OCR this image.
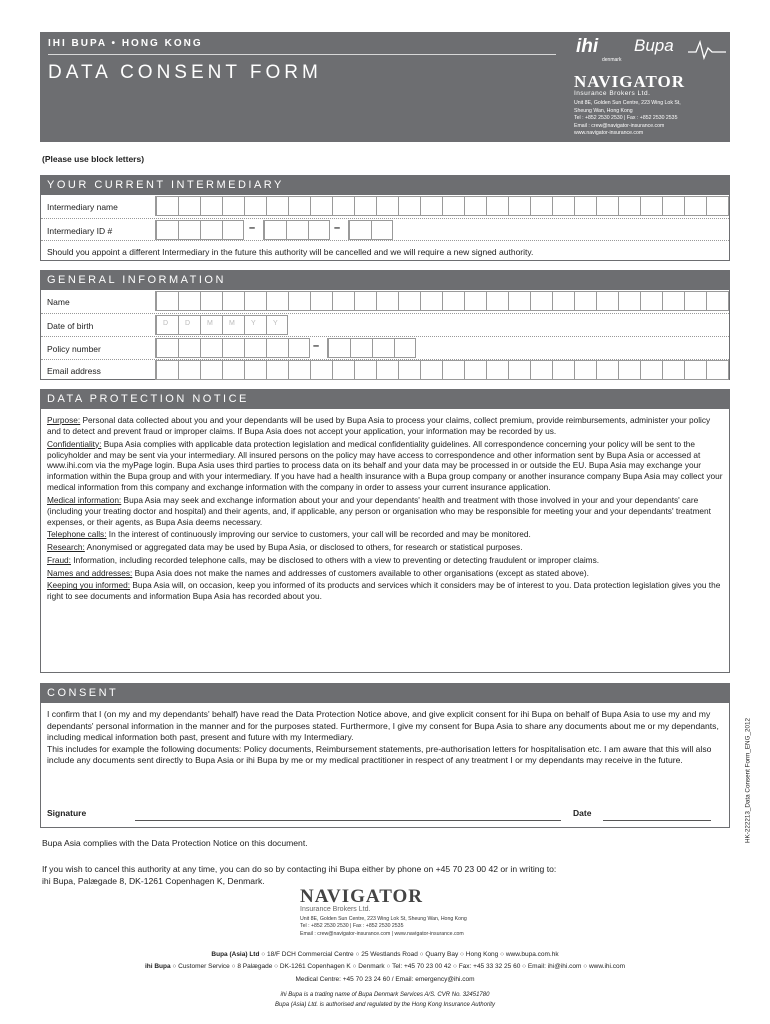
IHI BUPA • HONG KONG
DATA CONSENT FORM
ihi
denmark
Bupa
NAVIGATOR
Insurance Brokers Ltd.
Unit 8E, Golden Sun Centre, 223 Wing Lok St,
Sheung Wan, Hong Kong
Tel : +852 2530 2530 | Fax : +852 2530 2535
Email : crew@navigator-insurance.com
www.navigator-insurance.com
(Please use block letters)
YOUR CURRENT INTERMEDIARY
Intermediary name
Intermediary ID #	–	–
Should you appoint a different Intermediary in the future this authority will be cancelled and we will require a new signed authority.
GENERAL INFORMATION
Name
Date of birth	D D M M Y Y
Policy number	–
Email address
DATA PROTECTION NOTICE

Purpose: Personal data collected about you and your dependants will be used by Bupa Asia to process your claims, collect premium, provide reimbursements, administer your policy and to detect and prevent fraud or improper claims. If Bupa Asia does not accept your application, your information may be recorded by us.

Confidentiality: Bupa Asia complies with applicable data protection legislation and medical confidentiality guidelines. All correspondence concerning your policy will be sent to the policyholder and may be sent via your intermediary. All insured persons on the policy may have access to correspondence and other information sent by Bupa Asia or accessed at www.ihi.com via the myPage login. Bupa Asia uses third parties to process data on its behalf and your data may be processed in or outside the EU. Bupa Asia may exchange your information within the Bupa group and with your intermediary. If you have had a health insurance with a Bupa group company or another insurance company Bupa Asia may collect your medical information from this company and exchange information with the company in order to assess your current insurance application.

Medical information: Bupa Asia may seek and exchange information about your and your dependants' health and treatment with those involved in your and your dependants' care (including your treating doctor and hospital) and their agents, and, if applicable, any person or organisation who may be responsible for meeting your and your dependants' treatment expenses, or their agents, as Bupa Asia deems necessary.

Telephone calls: In the interest of continuously improving our service to customers, your call will be recorded and may be monitored.

Research: Anonymised or aggregated data may be used by Bupa Asia, or disclosed to others, for research or statistical purposes.

Fraud: Information, including recorded telephone calls, may be disclosed to others with a view to preventing or detecting fraudulent or improper claims.

Names and addresses: Bupa Asia does not make the names and addresses of customers available to other organisations (except as stated above).

Keeping you informed: Bupa Asia will, on occasion, keep you informed of its products and services which it considers may be of interest to you. Data protection legislation gives you the right to see documents and information Bupa Asia has recorded about you.

CONSENT
I confirm that I (on my and my dependants' behalf) have read the Data Protection Notice above, and give explicit consent for ihi Bupa on behalf of Bupa Asia to use my and my dependants' personal information in the manner and for the purposes stated. Furthermore, I give my consent for Bupa Asia to share any documents about me or my dependants, including medical information both past, present and future with my Intermediary.
This includes for example the following documents: Policy documents, Reimbursement statements, pre-authorisation letters for hospitalisation etc. I am aware that this will also include any documents sent directly to Bupa Asia or ihi Bupa by me or my medical practitioner in respect of any treatment I or my dependants may receive in the future.
Signature	Date
Bupa Asia complies with the Data Protection Notice on this document.
If you wish to cancel this authority at any time, you can do so by contacting ihi Bupa either by phone on +45 70 23 00 42 or in writing to:
ihi Bupa, Palægade 8, DK-1261 Copenhagen K, Denmark.
NAVIGATOR
Insurance Brokers Ltd.
Unit 8E, Golden Sun Centre, 223 Wing Lok St, Sheung Wan, Hong Kong
Tel : +852 2530 2530 | Fax : +852 2530 2535
Email : crew@navigator-insurance.com | www.navigator-insurance.com
Bupa (Asia) Ltd ○ 18/F DCH Commercial Centre ○ 25 Westlands Road ○ Quarry Bay ○ Hong Kong ○ www.bupa.com.hk
ihi Bupa ○ Customer Service ○ 8 Palægade ○ DK-1261 Copenhagen K ○ Denmark ○ Tel: +45 70 23 00 42 ○ Fax: +45 33 32 25 60 ○ Email: ihi@ihi.com ○ www.ihi.com
Medical Centre: +45 70 23 24 60 / Email: emergency@ihi.com
ihi Bupa is a trading name of Bupa Denmark Services A/S. CVR No. 32451780
Bupa (Asia) Ltd. is authorised and regulated by the Hong Kong Insurance Authority
HK-222213_Data Consent Form_ENG_2012
